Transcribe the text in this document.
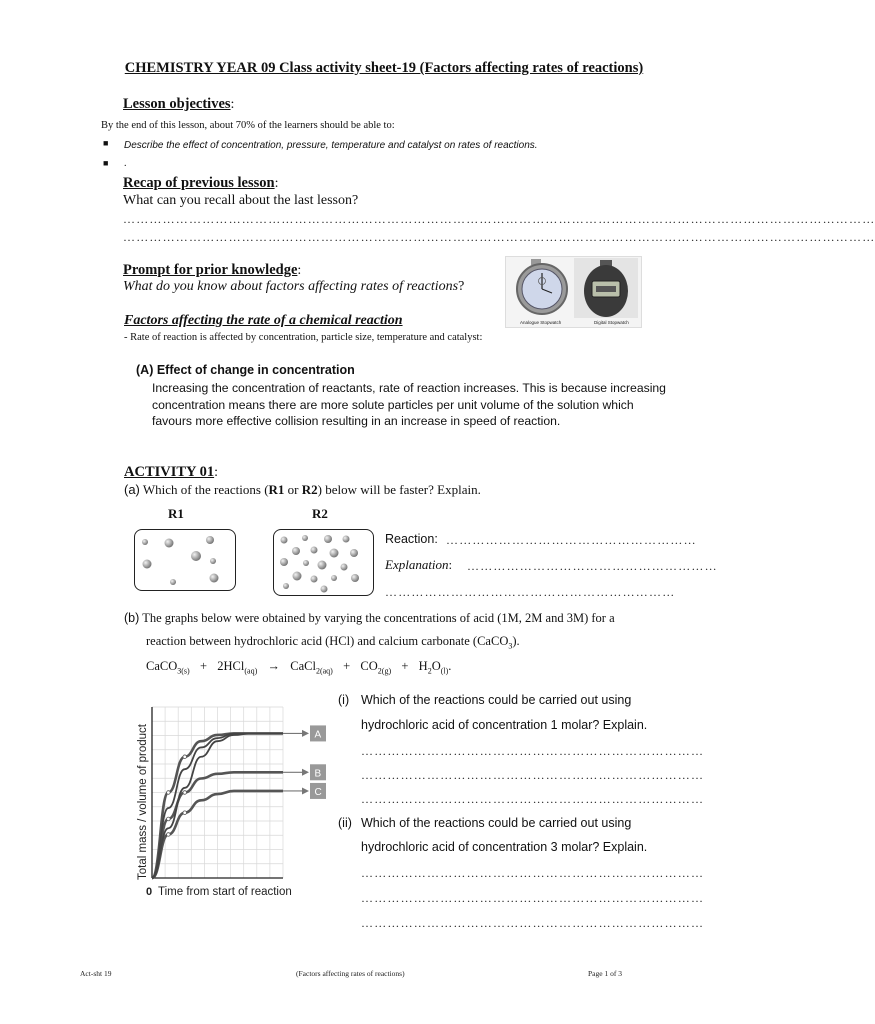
CHEMISTRY YEAR 09 Class activity sheet-19 (Factors affecting rates of reactions)
Lesson objectives:
By the end of this lesson, about 70% of the learners should be able to:
■ Describe the effect of concentration, pressure, temperature and catalyst on rates of reactions.
■ .
Recap of previous lesson:
What can you recall about the last lesson?
………………………………………………………………………………………………………………………………………………………
………………………………………………………………………………………………………………………………………………………
Prompt for prior knowledge:
What do you know about factors affecting rates of reactions?
Analogue Stopwatch	Digital Stopwatch
Factors affecting the rate of a chemical reaction
- Rate of reaction is affected by concentration, particle size, temperature and catalyst:
(A) Effect of change in concentration
Increasing the concentration of reactants, rate of reaction increases. This is because increasing concentration means there are more solute particles per unit volume of the solution which favours more effective collision resulting in an increase in speed of reaction.
ACTIVITY 01:
(a) Which of the reactions (R1 or R2) below will be faster? Explain.
R1	R2
Reaction: …………………………………………………
Explanation: …………………………………………………
…………………………………………………………
(b) The graphs below were obtained by varying the concentrations of acid (1M, 2M and 3M) for a
reaction between hydrochloric acid (HCl) and calcium carbonate (CaCO$_3$).
CaCO$_{3(s)}$ + 2HCl$_{(aq)}$ → CaCl$_{2(aq)}$ + $CO_{2(g)} + H_2O_{(l)}$.
A
B
C
Total mass / volume of product
Time from start of reaction
0
(i) Which of the reactions could be carried out using
hydrochloric acid of concentration 1 molar? Explain.
……………………………………………………………………
……………………………………………………………………
……………………………………………………………………
(ii) Which of the reactions could be carried out using
hydrochloric acid of concentration 3 molar? Explain.
……………………………………………………………………
……………………………………………………………………
……………………………………………………………………
Act-sht 19	(Factors affecting rates of reactions)	Page 1 of 3
